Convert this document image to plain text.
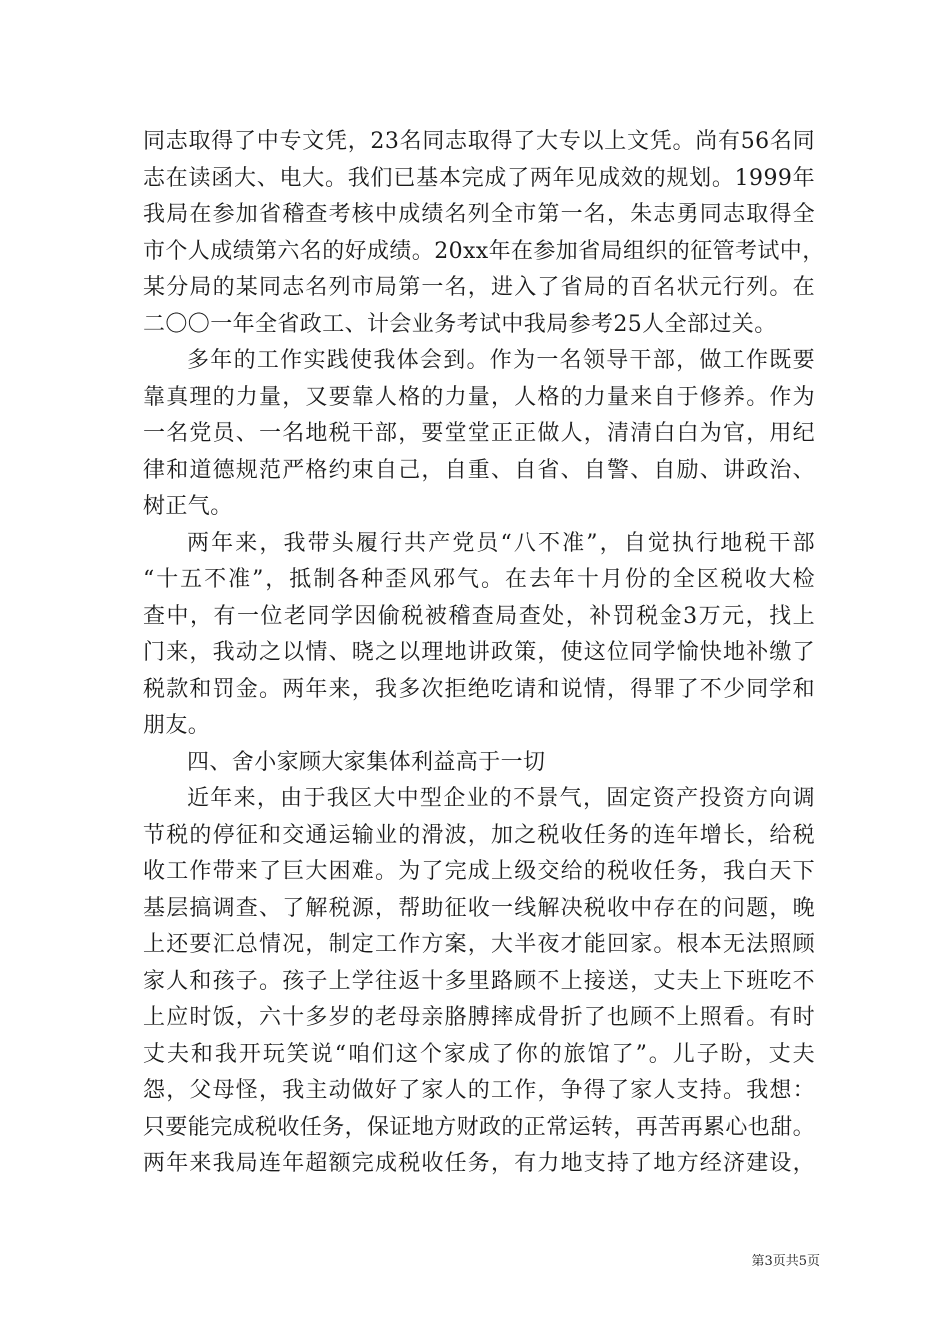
同志取得了中专文凭，23名同志取得了大专以上文凭。尚有56名同
志在读函大、电大。我们已基本完成了两年见成效的规划。1999年
我局在参加省稽查考核中成绩名列全市第一名，朱志勇同志取得全
市个人成绩第六名的好成绩。20xx年在参加省局组织的征管考试中，
某分局的某同志名列市局第一名，进入了省局的百名状元行列。在
二〇〇一年全省政工、计会业务考试中我局参考25人全部过关。
多年的工作实践使我体会到。作为一名领导干部，做工作既要
靠真理的力量，又要靠人格的力量，人格的力量来自于修养。作为
一名党员、一名地税干部，要堂堂正正做人，清清白白为官，用纪
律和道德规范严格约束自己，自重、自省、自警、自励、讲政治、
树正气。
两年来，我带头履行共产党员“八不准”，自觉执行地税干部
“十五不准”，抵制各种歪风邪气。在去年十月份的全区税收大检
查中，有一位老同学因偷税被稽查局查处，补罚税金3万元，找上
门来，我动之以情、晓之以理地讲政策，使这位同学愉快地补缴了
税款和罚金。两年来，我多次拒绝吃请和说情，得罪了不少同学和
朋友。
四、舍小家顾大家集体利益高于一切
近年来，由于我区大中型企业的不景气，固定资产投资方向调
节税的停征和交通运输业的滑波，加之税收任务的连年增长，给税
收工作带来了巨大困难。为了完成上级交给的税收任务，我白天下
基层搞调查、了解税源，帮助征收一线解决税收中存在的问题，晚
上还要汇总情况，制定工作方案，大半夜才能回家。根本无法照顾
家人和孩子。孩子上学往返十多里路顾不上接送，丈夫上下班吃不
上应时饭，六十多岁的老母亲胳膊摔成骨折了也顾不上照看。有时
丈夫和我开玩笑说“咱们这个家成了你的旅馆了”。儿子盼，丈夫
怨，父母怪，我主动做好了家人的工作，争得了家人支持。我想：
只要能完成税收任务，保证地方财政的正常运转，再苦再累心也甜。
两年来我局连年超额完成税收任务，有力地支持了地方经济建设，
第3页共5页
